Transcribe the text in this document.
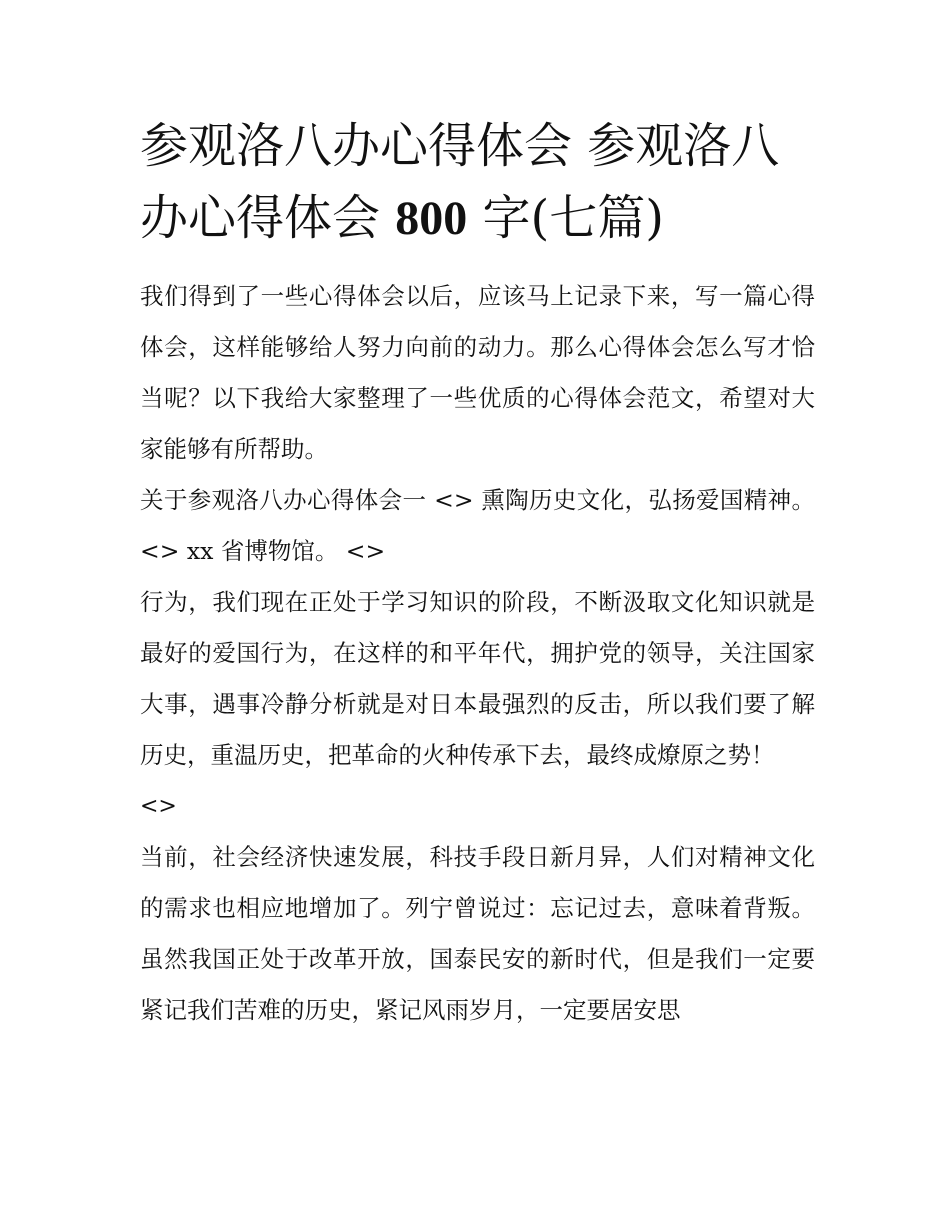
参观洛八办心得体会 参观洛八办心得体会 800 字(七篇)

我们得到了一些心得体会以后，应该马上记录下来，写一篇心得体会，这样能够给人努力向前的动力。那么心得体会怎么写才恰当呢？以下我给大家整理了一些优质的心得体会范文，希望对大家能够有所帮助。

关于参观洛八办心得体会一 <> 熏陶历史文化，弘扬爱国精神。 <> xx 省博物馆。 <>

行为，我们现在正处于学习知识的阶段，不断汲取文化知识就是最好的爱国行为，在这样的和平年代，拥护党的领导，关注国家大事，遇事冷静分析就是对日本最强烈的反击，所以我们要了解历史，重温历史，把革命的火种传承下去，最终成燎原之势！

<>

当前，社会经济快速发展，科技手段日新月异，人们对精神文化的需求也相应地增加了。列宁曾说过：忘记过去，意味着背叛。虽然我国正处于改革开放，国泰民安的新时代，但是我们一定要紧记我们苦难的历史，紧记风雨岁月，一定要居安思
